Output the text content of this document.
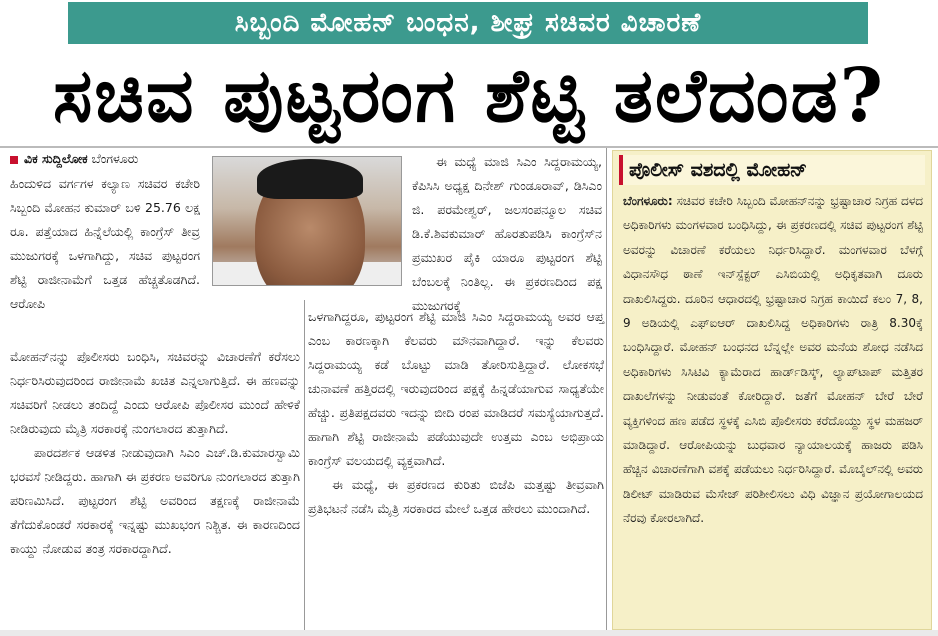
ಸಿಬ್ಬಂದಿ ಮೋಹನ್ ಬಂಧನ, ಶೀಘ್ರ ಸಚಿವರ ವಿಚಾರಣೆ
ಸಚಿವ ಪುಟ್ಟರಂಗ ಶೆಟ್ಟಿ ತಲೆದಂಡ?
ವಿಕ ಸುದ್ದಿಲೋಕ ಬೆಂಗಳೂರು

ಹಿಂದುಳಿದ ವರ್ಗಗಳ ಕಲ್ಯಾಣ ಸಚಿವರ ಕಚೇರಿ ಸಿಬ್ಬಂದಿ ಮೋಹನ ಕುಮಾರ್ ಬಳಿ 25.76 ಲಕ್ಷ ರೂ. ಪತ್ತೆಯಾದ ಹಿನ್ನೆಲೆಯಲ್ಲಿ ಕಾಂಗ್ರೆಸ್ ತೀವ್ರ ಮುಜುಗರಕ್ಕೆ ಒಳಗಾಗಿದ್ದು, ಸಚಿವ ಪುಟ್ಟರಂಗ ಶೆಟ್ಟಿ ರಾಜೀನಾಮೆಗೆ ಒತ್ತಡ ಹೆಚ್ಚತೊಡಗಿದೆ. ಆರೋಪಿ

ಮೋಹನ್‌ನನ್ನು ಪೊಲೀಸರು ಬಂಧಿಸಿ, ಸಚಿವರನ್ನು ವಿಚಾರಣೆಗೆ ಕರೆಸಲು ನಿರ್ಧರಿಸಿರುವುದರಿಂದ ರಾಜೀನಾಮೆ ಖಚಿತ ಎನ್ನಲಾಗುತ್ತಿದೆ. ಈ ಹಣವನ್ನು ಸಚಿವರಿಗೆ ನೀಡಲು ತಂದಿದ್ದೆ ಎಂದು ಆರೋಪಿ ಪೊಲೀಸರ ಮುಂದೆ ಹೇಳಿಕೆ ನೀಡಿರುವುದು ಮೈತ್ರಿ ಸರಕಾರಕ್ಕೆ ನುಂಗಲಾರದ ತುತ್ತಾಗಿದೆ.

ಪಾರದರ್ಶಕ ಆಡಳಿತ ನೀಡುವುದಾಗಿ ಸಿಎಂ ಎಚ್.ಡಿ.ಕುಮಾರಸ್ವಾಮಿ ಭರವಸೆ ನೀಡಿದ್ದರು. ಹಾಗಾಗಿ ಈ ಪ್ರಕರಣ ಅವರಿಗೂ ನುಂಗಲಾರದ ತುತ್ತಾಗಿ ಪರಿಣಮಿಸಿದೆ. ಪುಟ್ಟರಂಗ ಶೆಟ್ಟಿ ಅವರಿಂದ ತಕ್ಷಣಕ್ಕೆ ರಾಜೀನಾಮೆ ತೆಗೆದುಕೊಂಡರೆ ಸರಕಾರಕ್ಕೆ ಇನ್ನಷ್ಟು ಮುಖಭಂಗ ನಿಶ್ಚಿತ. ಈ ಕಾರಣದಿಂದ ಕಾಯ್ದು ನೋಡುವ ತಂತ್ರ ಸರಕಾರದ್ದಾಗಿದೆ.

ಈ ಮಧ್ಯೆ ಮಾಜಿ ಸಿಎಂ ಸಿದ್ದರಾಮಯ್ಯ, ಕೆಪಿಸಿಸಿ ಅಧ್ಯಕ್ಷ ದಿನೇಶ್ ಗುಂಡೂರಾವ್, ಡಿಸಿಎಂ ಜಿ. ಪರಮೇಶ್ವರ್, ಜಲಸಂಪನ್ಮೂಲ ಸಚಿವ ಡಿ.ಕೆ.ಶಿವಕುಮಾರ್ ಹೊರತುಪಡಿಸಿ ಕಾಂಗ್ರೆಸ್‌ನ ಪ್ರಮುಖರ ಪೈಕಿ ಯಾರೂ ಪುಟ್ಟರಂಗ ಶೆಟ್ಟಿ ಬೆಂಬಲಕ್ಕೆ ನಿಂತಿಲ್ಲ. ಈ ಪ್ರಕರಣದಿಂದ ಪಕ್ಷ ಮುಜುಗರಕ್ಕೆ

ಒಳಗಾಗಿದ್ದರೂ, ಪುಟ್ಟರಂಗ ಶೆಟ್ಟಿ ಮಾಜಿ ಸಿಎಂ ಸಿದ್ದರಾಮಯ್ಯ ಅವರ ಆಪ್ತ ಎಂಬ ಕಾರಣಕ್ಕಾಗಿ ಕೆಲವರು ಮೌನವಾಗಿದ್ದಾರೆ. ಇನ್ನು ಕೆಲವರು ಸಿದ್ದರಾಮಯ್ಯ ಕಡೆ ಬೊಟ್ಟು ಮಾಡಿ ತೋರಿಸುತ್ತಿದ್ದಾರೆ. ಲೋಕಸಭೆ ಚುನಾವಣೆ ಹತ್ತಿರದಲ್ಲಿ ಇರುವುದರಿಂದ ಪಕ್ಷಕ್ಕೆ ಹಿನ್ನಡೆಯಾಗುವ ಸಾಧ್ಯತೆಯೇ ಹೆಚ್ಚು. ಪ್ರತಿಪಕ್ಷದವರು ಇದನ್ನು ಬೀದಿ ರಂಪ ಮಾಡಿದರೆ ಸಮಸ್ಯೆಯಾಗುತ್ತದೆ. ಹಾಗಾಗಿ ಶೆಟ್ಟಿ ರಾಜೀನಾಮೆ ಪಡೆಯುವುದೇ ಉತ್ತಮ ಎಂಬ ಅಭಿಪ್ರಾಯ ಕಾಂಗ್ರೆಸ್ ವಲಯದಲ್ಲಿ ವ್ಯಕ್ತವಾಗಿದೆ.

ಈ ಮಧ್ಯೆ, ಈ ಪ್ರಕರಣದ ಕುರಿತು ಬಿಜೆಪಿ ಮತ್ತಷ್ಟು ತೀವ್ರವಾಗಿ ಪ್ರತಿಭಟನೆ ನಡೆಸಿ ಮೈತ್ರಿ ಸರಕಾರದ ಮೇಲೆ ಒತ್ತಡ ಹೇರಲು ಮುಂದಾಗಿದೆ.

ಪೊಲೀಸ್ ವಶದಲ್ಲಿ ಮೋಹನ್
ಬೆಂಗಳೂರು: ಸಚಿವರ ಕಚೇರಿ ಸಿಬ್ಬಂದಿ ಮೋಹನ್‌ನನ್ನು ಭ್ರಷ್ಟಾಚಾರ ನಿಗ್ರಹ ದಳದ ಅಧಿಕಾರಿಗಳು ಮಂಗಳವಾರ ಬಂಧಿಸಿದ್ದು, ಈ ಪ್ರಕರಣದಲ್ಲಿ ಸಚಿವ ಪುಟ್ಟರಂಗ ಶೆಟ್ಟಿ ಅವರನ್ನು ವಿಚಾರಣೆ ಕರೆಯಲು ನಿರ್ಧರಿಸಿದ್ದಾರೆ. ಮಂಗಳವಾರ ಬೆಳಗ್ಗೆ ವಿಧಾನಸೌಧ ಠಾಣೆ ಇನ್‌ಸ್ಪೆಕ್ಟರ್ ಎಸಿಬಿಯಲ್ಲಿ ಅಧಿಕೃತವಾಗಿ ದೂರು ದಾಖಲಿಸಿದ್ದರು. ದೂರಿನ ಆಧಾರದಲ್ಲಿ ಭ್ರಷ್ಟಾಚಾರ ನಿಗ್ರಹ ಕಾಯಿದೆ ಕಲಂ 7, 8, 9 ಅಡಿಯಲ್ಲಿ ಎಫ್‌ಐಆರ್ ದಾಖಲಿಸಿದ್ದ ಅಧಿಕಾರಿಗಳು ರಾತ್ರಿ 8.30ಕ್ಕೆ ಬಂಧಿಸಿದ್ದಾರೆ. ಮೋಹನ್ ಬಂಧನದ ಬೆನ್ನಲ್ಲೇ ಅವರ ಮನೆಯ ಶೋಧ ನಡೆಸಿದ ಅಧಿಕಾರಿಗಳು ಸಿಸಿಟಿವಿ ಕ್ಯಾಮೆರಾದ ಹಾರ್ಡ್‌ಡಿಸ್ಕ್, ಲ್ಯಾಪ್‌ಟಾಪ್ ಮತ್ತಿತರ ದಾಖಲೆಗಳನ್ನು ನೀಡುವಂತೆ ಕೋರಿದ್ದಾರೆ. ಜತೆಗೆ ಮೋಹನ್ ಬೇರೆ ಬೇರೆ ವ್ಯಕ್ತಿಗಳಿಂದ ಹಣ ಪಡೆದ ಸ್ಥಳಕ್ಕೆ ಎಸಿಬಿ ಪೊಲೀಸರು ಕರೆದೊಯ್ದು ಸ್ಥಳ ಮಹಜರ್ ಮಾಡಿದ್ದಾರೆ. ಆರೋಪಿಯನ್ನು ಬುಧವಾರ ನ್ಯಾಯಾಲಯಕ್ಕೆ ಹಾಜರು ಪಡಿಸಿ ಹೆಚ್ಚಿನ ವಿಚಾರಣೆಗಾಗಿ ವಶಕ್ಕೆ ಪಡೆಯಲು ನಿರ್ಧರಿಸಿದ್ದಾರೆ. ಮೊಬೈಲ್‌ನಲ್ಲಿ ಅವರು ಡಿಲೀಟ್ ಮಾಡಿರುವ ಮೆಸೇಜ್ ಪರಿಶೀಲಿಸಲು ವಿಧಿ ವಿಜ್ಞಾನ ಪ್ರಯೋಗಾಲಯದ ನೆರವು ಕೋರಲಾಗಿದೆ.
